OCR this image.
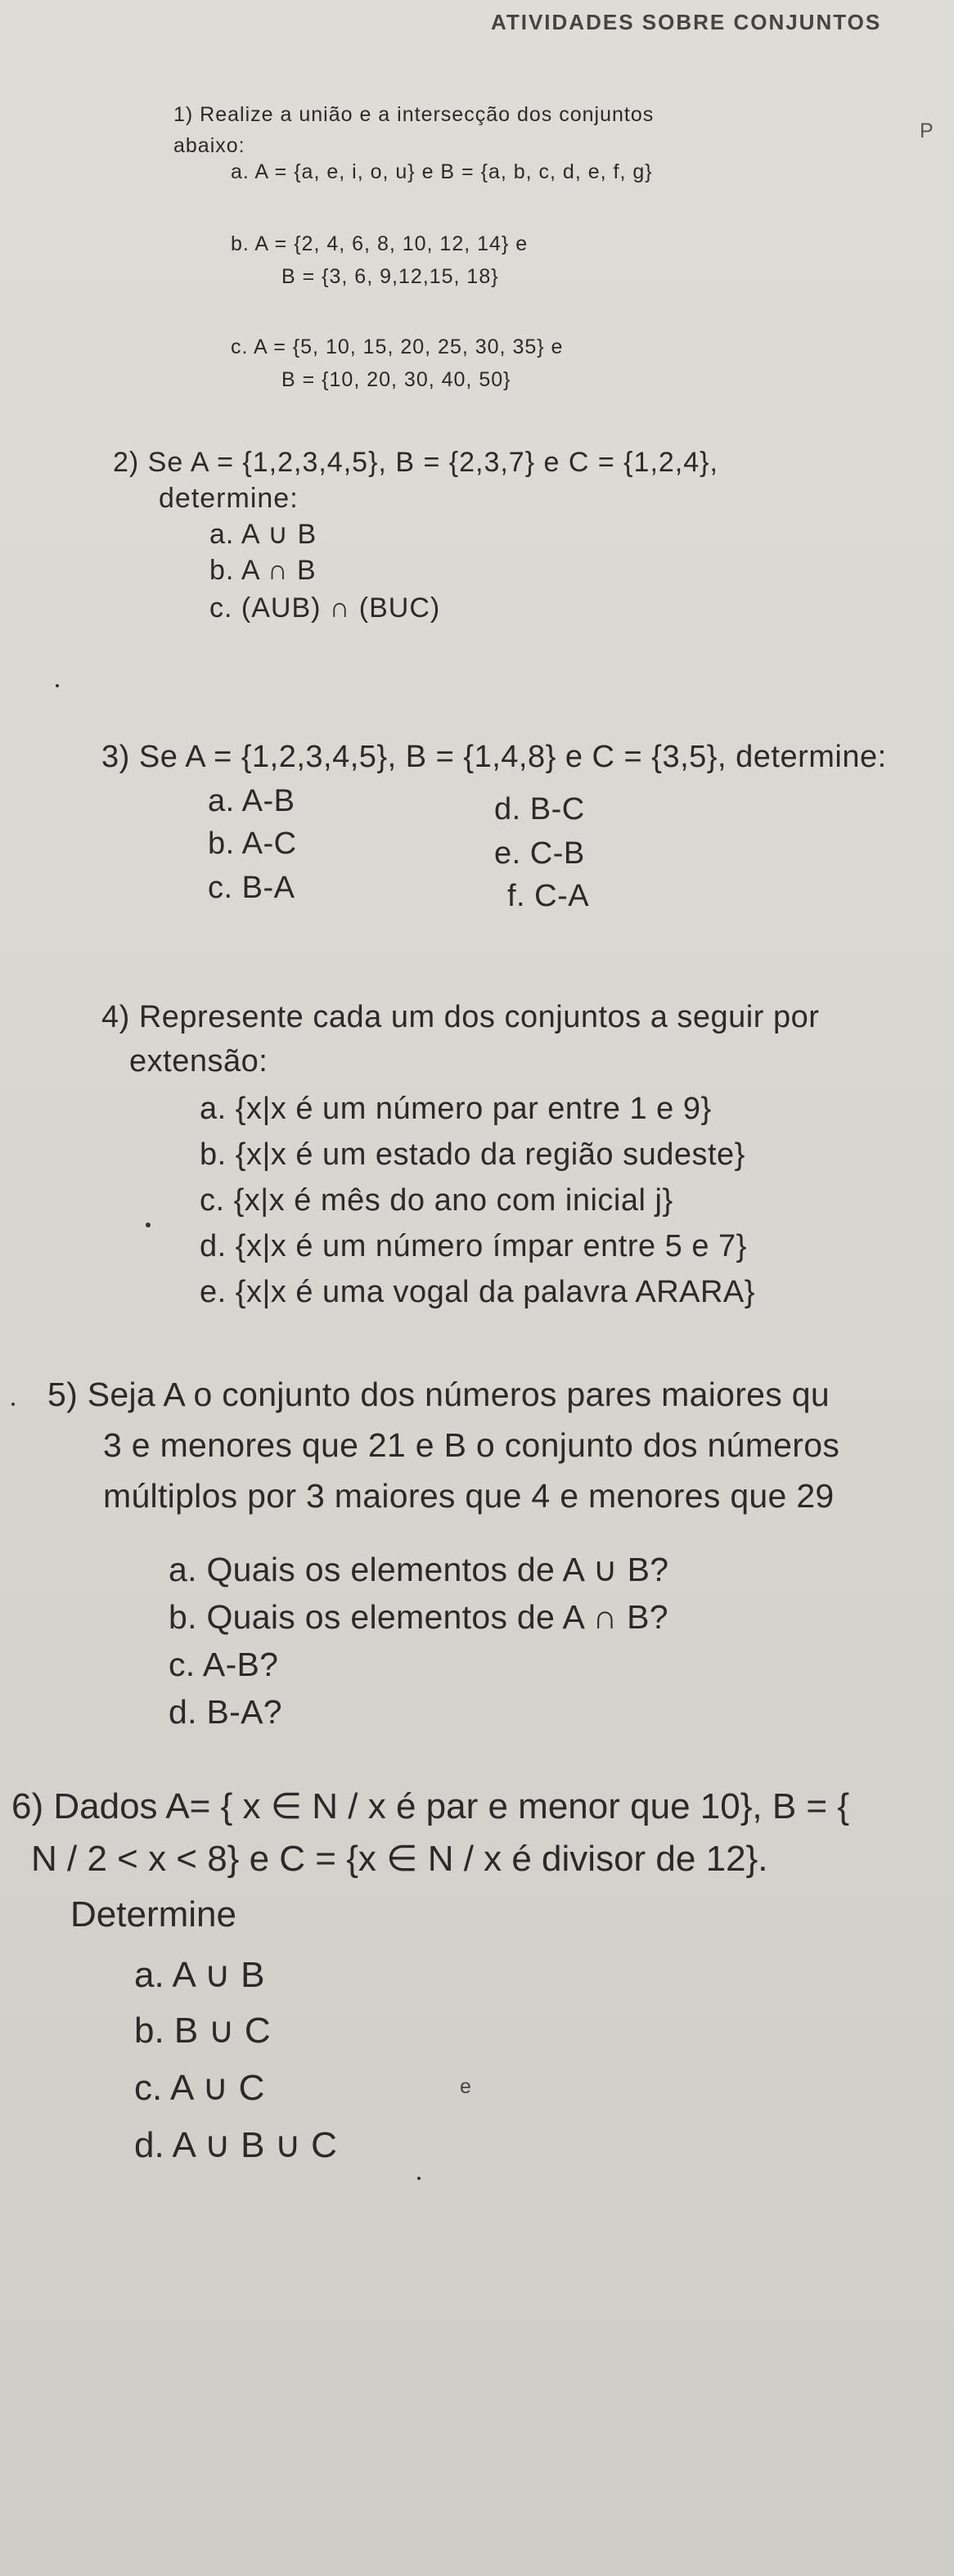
ATIVIDADES SOBRE CONJUNTOS
1) Realize a união e a intersecção dos conjuntos
abaixo:
P
a. A = {a, e, i, o, u} e B = {a, b, c, d, e, f, g}
b. A = {2, 4, 6, 8, 10, 12, 14} e
B = {3, 6, 9,12,15, 18}
c. A = {5, 10, 15, 20, 25, 30, 35} e
B = {10, 20, 30, 40, 50}
2) Se A = {1,2,3,4,5}, B = {2,3,7} e C = {1,2,4},
determine:
a. A ∪ B
b. A ∩ B
c. (AUB) ∩ (BUC)
3) Se A = {1,2,3,4,5}, B = {1,4,8} e C = {3,5}, determine:
a. A-B
b. A-C
c. B-A
d. B-C
e. C-B
f. C-A
4) Represente cada um dos conjuntos a seguir por
extensão:
a. {x|x é um número par entre 1 e 9}
b. {x|x é um estado da região sudeste}
c. {x|x é mês do ano com inicial j}
d. {x|x é um número ímpar entre 5 e 7}
e. {x|x é uma vogal da palavra ARARA}
5) Seja A o conjunto dos números pares maiores qu
3 e menores que 21 e B o conjunto dos números
múltiplos por 3 maiores que 4 e menores que 29
a. Quais os elementos de A ∪ B?
b. Quais os elementos de A ∩ B?
c. A-B?
d. B-A?
6) Dados A= { x ∈ N / x é par e menor que 10}, B = {
N / 2 < x < 8} e C = {x ∈ N / x é divisor de 12}.
Determine
a. A ∪ B
b. B ∪ C
c. A ∪ C	e
d. A ∪ B ∪ C
